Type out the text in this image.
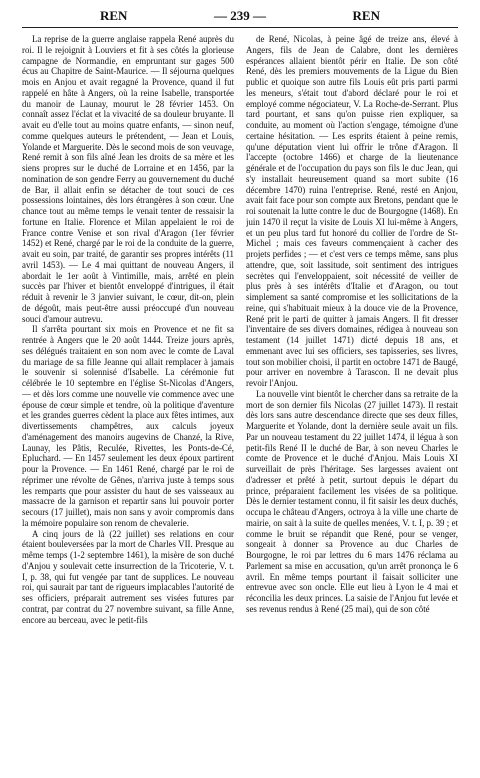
REN	— 239 —	REN

La reprise de la guerre anglaise rappela René auprès du roi. Il le rejoignit à Louviers et fit à ses côtés la glorieuse campagne de Normandie, en empruntant sur gages 500 écus au Chapitre de Saint-Maurice. — Il séjourna quelques mois en Anjou et avait regagné la Provence, quand il fut rappelé en hâte à Angers, où la reine Isabelle, transportée du manoir de Launay, mourut le 28 février 1453. On connaît assez l'éclat et la vivacité de sa douleur bruyante. Il avait eu d'elle tout au moins quatre enfants, — sinon neuf, comme quelques auteurs le prétendent, — Jean et Louis, Yolande et Marguerite. Dès le second mois de son veuvage, René remit à son fils aîné Jean les droits de sa mère et les siens propres sur le duché de Lorraine et en 1456, par la nomination de son gendre Ferry au gouvernement du duché de Bar, il allait enfin se détacher de tout souci de ces possessions lointaines, dès lors étrangères à son cœur. Une chance tout au même temps le venait tenter de ressaisir la fortune en Italie. Florence et Milan appelaient le roi de France contre Venise et son rival d'Aragon (1er février 1452) et René, chargé par le roi de la conduite de la guerre, avait eu soin, par traité, de garantir ses propres intérêts (11 avril 1453). — Le 4 mai quittant de nouveau Angers, il abordait le 1er août à Vintimille, mais, arrêté en plein succès par l'hiver et bientôt enveloppé d'intrigues, il était réduit à revenir le 3 janvier suivant, le cœur, dit-on, plein de dégoût, mais peut-être aussi préoccupé d'un nouveau souci d'amour autrevu.

Il s'arrêta pourtant six mois en Provence et ne fit sa rentrée à Angers que le 20 août 1444. Treize jours après, ses délégués traitaient en son nom avec le comte de Laval du mariage de sa fille Jeanne qui allait remplacer à jamais le souvenir si solennisé d'Isabelle. La cérémonie fut célébrée le 10 septembre en l'église St-Nicolas d'Angers, — et dès lors comme une nouvelle vie commence avec une épouse de cœur simple et tendre, où la politique d'aventure et les grandes guerres cèdent la place aux fêtes intimes, aux divertissements champêtres, aux calculs joyeux d'aménagement des manoirs augevins de Chanzé, la Rive, Launay, les Pâtis, Reculée, Rivettes, les Ponts-de-Cé, Epluchard. — En 1457 seulement les deux époux partirent pour la Provence. — En 1461 René, chargé par le roi de réprimer une révolte de Gênes, n'arriva juste à temps sous les remparts que pour assister du haut de ses vaisseaux au massacre de la garnison et repartir sans lui pouvoir porter secours (17 juillet), mais non sans y avoir compromis dans la mémoire populaire son renom de chevalerie.

A cinq jours de là (22 juillet) ses relations en cour étaient bouleversées par la mort de Charles VII. Presque au même temps (1-2 septembre 1461), la misère de son duché d'Anjou y soulevait cette insurrection de la Tricoterie, V. t. I, p. 38, qui fut vengée par tant de supplices. Le nouveau roi, qui saurait par tant de rigueurs implacables l'autorité de ses officiers, préparait autrement ses visées futures par contrat, par contrat du 27 novembre suivant, sa fille Anne, encore au berceau, avec le petit-fils

de René, Nicolas, à peine âgé de treize ans, élevé à Angers, fils de Jean de Calabre, dont les dernières espérances allaient bientôt périr en Italie. De son côté René, dès les premiers mouvements de la Ligue du Bien public et quoique son autre fils Louis eût pris parti parmi les meneurs, s'était tout d'abord déclaré pour le roi et employé comme négociateur, V. La Roche-de-Serrant. Plus tard pourtant, et sans qu'on puisse rien expliquer, sa conduite, au moment où l'action s'engage, témoigne d'une certaine hésitation. — Les esprits étaient à peine remis, qu'une députation vient lui offrir le trône d'Aragon. Il l'accepte (octobre 1466) et charge de la lieutenance générale et de l'occupation du pays son fils le duc Jean, qui s'y installait heureusement quand sa mort subite (16 décembre 1470) ruina l'entreprise. René, resté en Anjou, avait fait face pour son compte aux Bretons, pendant que le roi soutenait la lutte contre le duc de Bourgogne (1468). En juin 1470 il reçut la visite de Louis XI lui-même à Angers, et un peu plus tard fut honoré du collier de l'ordre de St-Michel ; mais ces faveurs commençaient à cacher des projets perfides ; — et c'est vers ce temps même, sans plus attendre, que, soit lassitude, soit sentiment des intrigues secrètes qui l'enveloppaient, soit nécessité de veiller de plus près à ses intérêts d'Italie et d'Aragon, ou tout simplement sa santé compromise et les sollicitations de la reine, qui s'habituait mieux à la douce vie de la Provence, René prit le parti de quitter à jamais Angers. Il fit dresser l'inventaire de ses divers domaines, rédigea à nouveau son testament (14 juillet 1471) dicté depuis 18 ans, et emmenant avec lui ses officiers, ses tapisseries, ses livres, tout son mobilier choisi, il partit en octobre 1471 de Baugé, pour arriver en novembre à Tarascon. Il ne devait plus revoir l'Anjou.

La nouvelle vint bientôt le chercher dans sa retraite de la mort de son dernier fils Nicolas (27 juillet 1473). Il restait dès lors sans autre descendance directe que ses deux filles, Marguerite et Yolande, dont la dernière seule avait un fils. Par un nouveau testament du 22 juillet 1474, il légua à son petit-fils René II le duché de Bar, à son neveu Charles le comte de Provence et le duché d'Anjou. Mais Louis XI surveillait de près l'héritage. Ses largesses avaient ont d'adresser et prêté à petit, surtout depuis le départ du prince, préparaient facilement les visées de sa politique. Dès le dernier testament connu, il fit saisir les deux duchés, occupa le château d'Angers, octroya à la ville une charte de mairie, on sait à la suite de quelles menées, V. t. I, p. 39 ; et comme le bruit se répandit que René, pour se venger, songeait à donner sa Provence au duc Charles de Bourgogne, le roi par lettres du 6 mars 1476 réclama au Parlement sa mise en accusation, qu'un arrêt prononça le 6 avril. En même temps pourtant il faisait solliciter une entrevue avec son oncle. Elle eut lieu à Lyon le 4 mai et réconcilia les deux princes. La saisie de l'Anjou fut levée et ses revenus rendus à René (25 mai), qui de son côté
